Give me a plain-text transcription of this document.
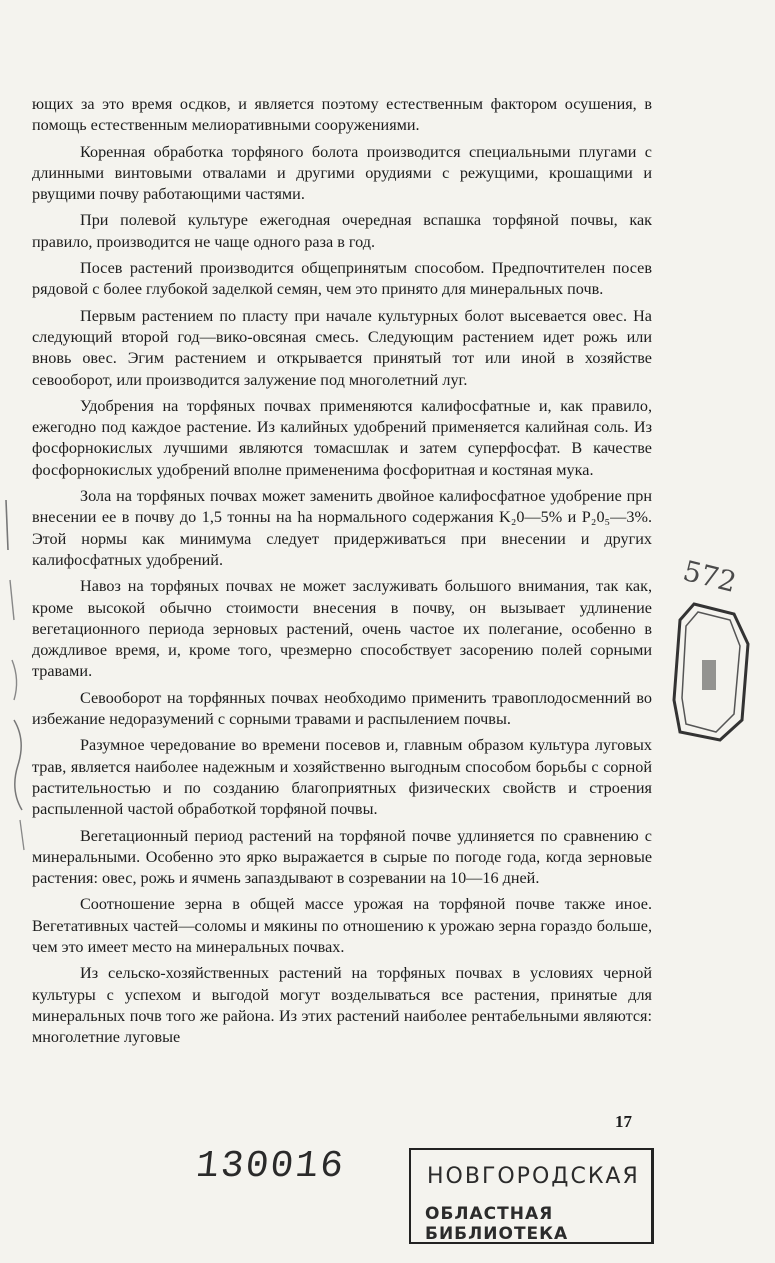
ющих за это время осдков, и является поэтому естественным фактором осушения, в помощь естественным мелиоративными сооружениями.

Коренная обработка торфяного болота производится специальными плугами с длинными винтовыми отвалами и другими орудиями с режущими, крошащими и рвущими почву работающими частями.

При полевой культуре ежегодная очередная вспашка торфяной почвы, как правило, производится не чаще одного раза в год.

Посев растений производится общепринятым способом. Предпочтителен посев рядовой с более глубокой заделкой семян, чем это принято для минеральных почв.

Первым растением по пласту при начале культурных болот высевается овес. На следующий второй год—вико-овсяная смесь. Следующим растением идет рожь или вновь овес. Эгим растением и открывается принятый тот или иной в хозяйстве севооборот, или производится залужение под многолетний луг.

Удобрения на торфяных почвах применяются калифосфатные и, как правило, ежегодно под каждое растение. Из калийных удобрений применяется калийная соль. Из фосфорнокислых лучшими являются томасшлак и затем суперфосфат. В качестве фосфорнокислых удобрений вполне примененима фосфоритная и костяная мука.

Зола на торфяных почвах может заменить двойное калифосфатное удобрение прн внесении ее в почву до 1,5 тонны на hа нормального содержания K₂0—5% и P₂0₅—3%. Этой нормы как минимума следует придерживаться при внесении и других калифосфатных удобрений.

Навоз на торфяных почвах не может заслуживать большого внимания, так как, кроме высокой обычно стоимости внесения в почву, он вызывает удлинение вегетационного периода зерновых растений, очень частое их полегание, особенно в дождливое время, и, кроме того, чрезмерно способствует засорению полей сорными травами.

Севооборот на торфянных почвах необходимо применить травоплодосменний во избежание недоразумений с сорными травами и распылением почвы.

Разумное чередование во времени посевов и, главным образом культура луговых трав, является наиболее надежным и хозяйственно выгодным способом борьбы с сорной растительностью и по созданию благоприятных физических свойств и строения распыленной частой обработкой торфяной почвы.

Вегетационный период растений на торфяной почве удлиняется по сравнению с минеральными. Особенно это ярко выражается в сырые по погоде года, когда зерновые растения: овес, рожь и ячмень запаздывают в созревании на 10—16 дней.

Соотношение зерна в общей массе урожая на торфяной почве также иное. Вегетативных частей—соломы и мякины по отношению к урожаю зерна гораздо больше, чем это имеет место на минеральных почвах.

Из сельско-хозяйственных растений на торфяных почвах в условиях черной культуры с успехом и выгодой могут возделываться все растения, принятые для минеральных почв того же района. Из этих растений наиболее рентабельными являются: многолетние луговые

17
130016	НОВГОРОДСКАЯ
ОБЛАСТНАЯ БИБЛИОТЕКА
572
